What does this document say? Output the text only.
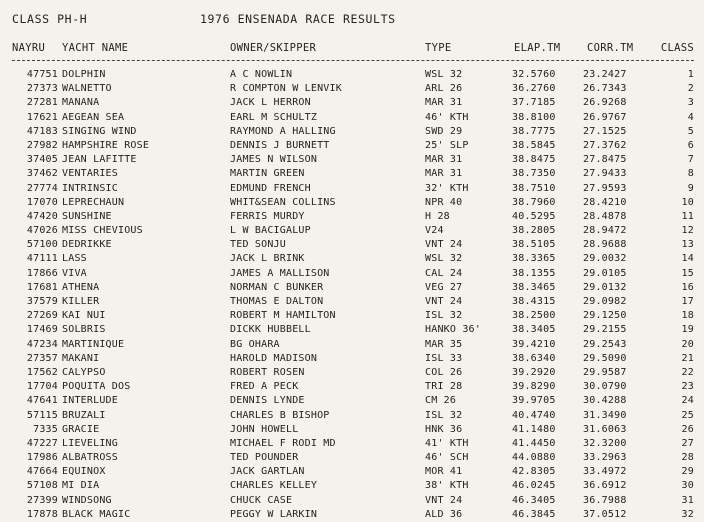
CLASS PH-H	1976 ENSENADA RACE RESULTS
NAYRU YACHT NAME	OWNER/SKIPPER	TYPE	ELAP.TM	CORR.TM	CLASS
47751 DOLPHIN	A C NOWLIN	WSL 32	32.5760	23.2427	1
27373 WALNETTO	R COMPTON W LENVIK	ARL 26	36.2760	26.7343	2
27281 MANANA	JACK L HERRON	MAR 31	37.7185	26.9268	3
17621 AEGEAN SEA	EARL M SCHULTZ	46' KTH	38.8100	26.9767	4
47183 SINGING WIND	RAYMOND A HALLING	SWD 29	38.7775	27.1525	5
27982 HAMPSHIRE ROSE	DENNIS J BURNETT	25' SLP	38.5845	27.3762	6
37405 JEAN LAFITTE	JAMES N WILSON	MAR 31	38.8475	27.8475	7
37462 VENTARIES	MARTIN GREEN	MAR 31	38.7350	27.9433	8
27774 INTRINSIC	EDMUND FRENCH	32' KTH	38.7510	27.9593	9
17070 LEPRECHAUN	WHIT&SEAN COLLINS	NPR 40	38.7960	28.4210	10
47420 SUNSHINE	FERRIS MURDY	H 28	40.5295	28.4878	11
47026 MISS CHEVIOUS	L W BACIGALUP	V24	38.2805	28.9472	12
57100 DEDRIKKE	TED SONJU	VNT 24	38.5105	28.9688	13
47111 LASS	JACK L BRINK	WSL 32	38.3365	29.0032	14
17866 VIVA	JAMES A MALLISON	CAL 24	38.1355	29.0105	15
17681 ATHENA	NORMAN C BUNKER	VEG 27	38.3465	29.0132	16
37579 KILLER	THOMAS E DALTON	VNT 24	38.4315	29.0982	17
27269 KAI NUI	ROBERT M HAMILTON	ISL 32	38.2500	29.1250	18
17469 SOLBRIS	DICKK HUBBELL	HANKO 36'	38.3405	29.2155	19
47234 MARTINIQUE	BG OHARA	MAR 35	39.4210	29.2543	20
27357 MAKANI	HAROLD MADISON	ISL 33	38.6340	29.5090	21
17562 CALYPSO	ROBERT ROSEN	COL 26	39.2920	29.9587	22
17704 POQUITA DOS	FRED A PECK	TRI 28	39.8290	30.0790	23
47641 INTERLUDE	DENNIS LYNDE	CM 26	39.9705	30.4288	24
57115 BRUZALI	CHARLES B BISHOP	ISL 32	40.4740	31.3490	25
7335 GRACIE	JOHN HOWELL	HNK 36	41.1480	31.6063	26
47227 LIEVELING	MICHAEL F RODI MD	41' KTH	41.4450	32.3200	27
17986 ALBATROSS	TED POUNDER	46' SCH	44.0880	33.2963	28
47664 EQUINOX	JACK GARTLAN	MOR 41	42.8305	33.4972	29
57108 MI DIA	CHARLES KELLEY	38' KTH	46.0245	36.6912	30
27399 WINDSONG	CHUCK CASE	VNT 24	46.3405	36.7988	31
17878 BLACK MAGIC	PEGGY W LARKIN	ALD 36	46.3845	37.0512	32
